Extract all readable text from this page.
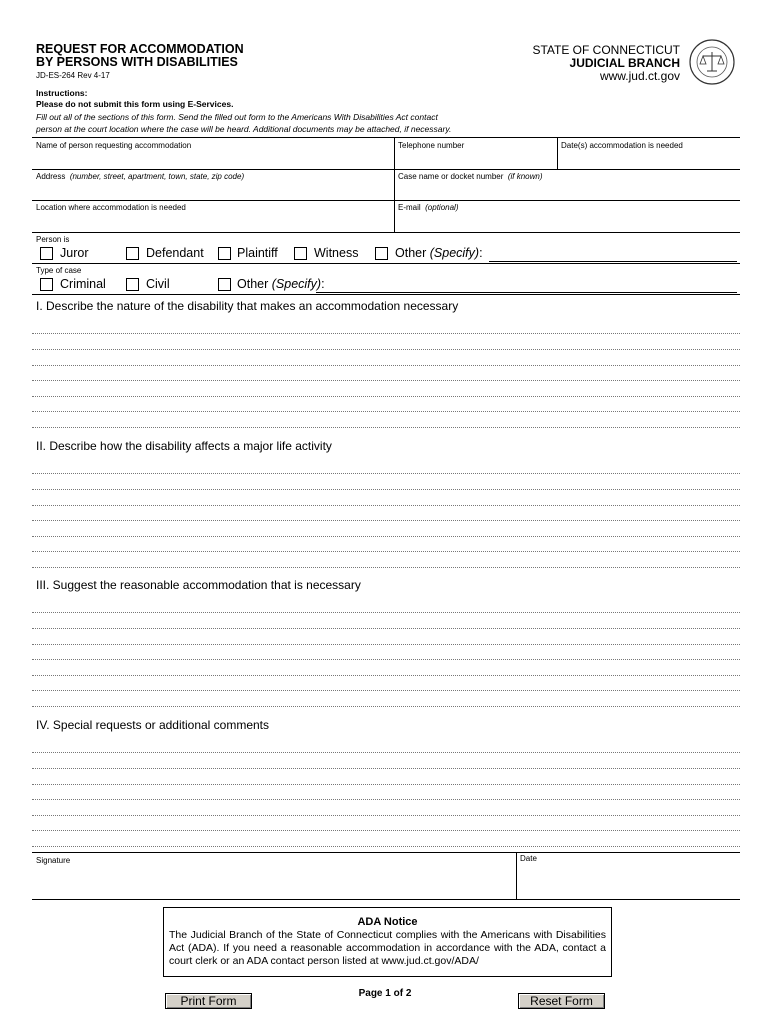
REQUEST FOR ACCOMMODATION
BY PERSONS WITH DISABILITIES
JD-ES-264 Rev 4-17
STATE OF CONNECTICUT
JUDICIAL BRANCH
www.jud.ct.gov
Instructions:
Please do not submit this form using E-Services.
Fill out all of the sections of this form. Send the filled out form to the Americans With Disabilities Act contact
person at the court location where the case will be heard. Additional documents may be attached, if necessary.
Name of person requesting accommodation	Telephone number	Date(s) accommodation is needed
Address (number, street, apartment, town, state, zip code)	Case name or docket number (if known)
Location where accommodation is needed	E-mail (optional)
Person is
Juror	Defendant	Plaintiff	Witness	Other (Specify):
Type of case
Criminal	Civil	Other (Specify):
I. Describe the nature of the disability that makes an accommodation necessary
II. Describe how the disability affects a major life activity
III. Suggest the reasonable accommodation that is necessary
IV. Special requests or additional comments
Signature	Date
ADA Notice
The Judicial Branch of the State of Connecticut complies with the Americans with Disabilities Act (ADA). If you need a reasonable accommodation in accordance with the ADA, contact a court clerk or an ADA contact person listed at www.jud.ct.gov/ADA/
Page 1 of 2
Print Form	Reset Form
